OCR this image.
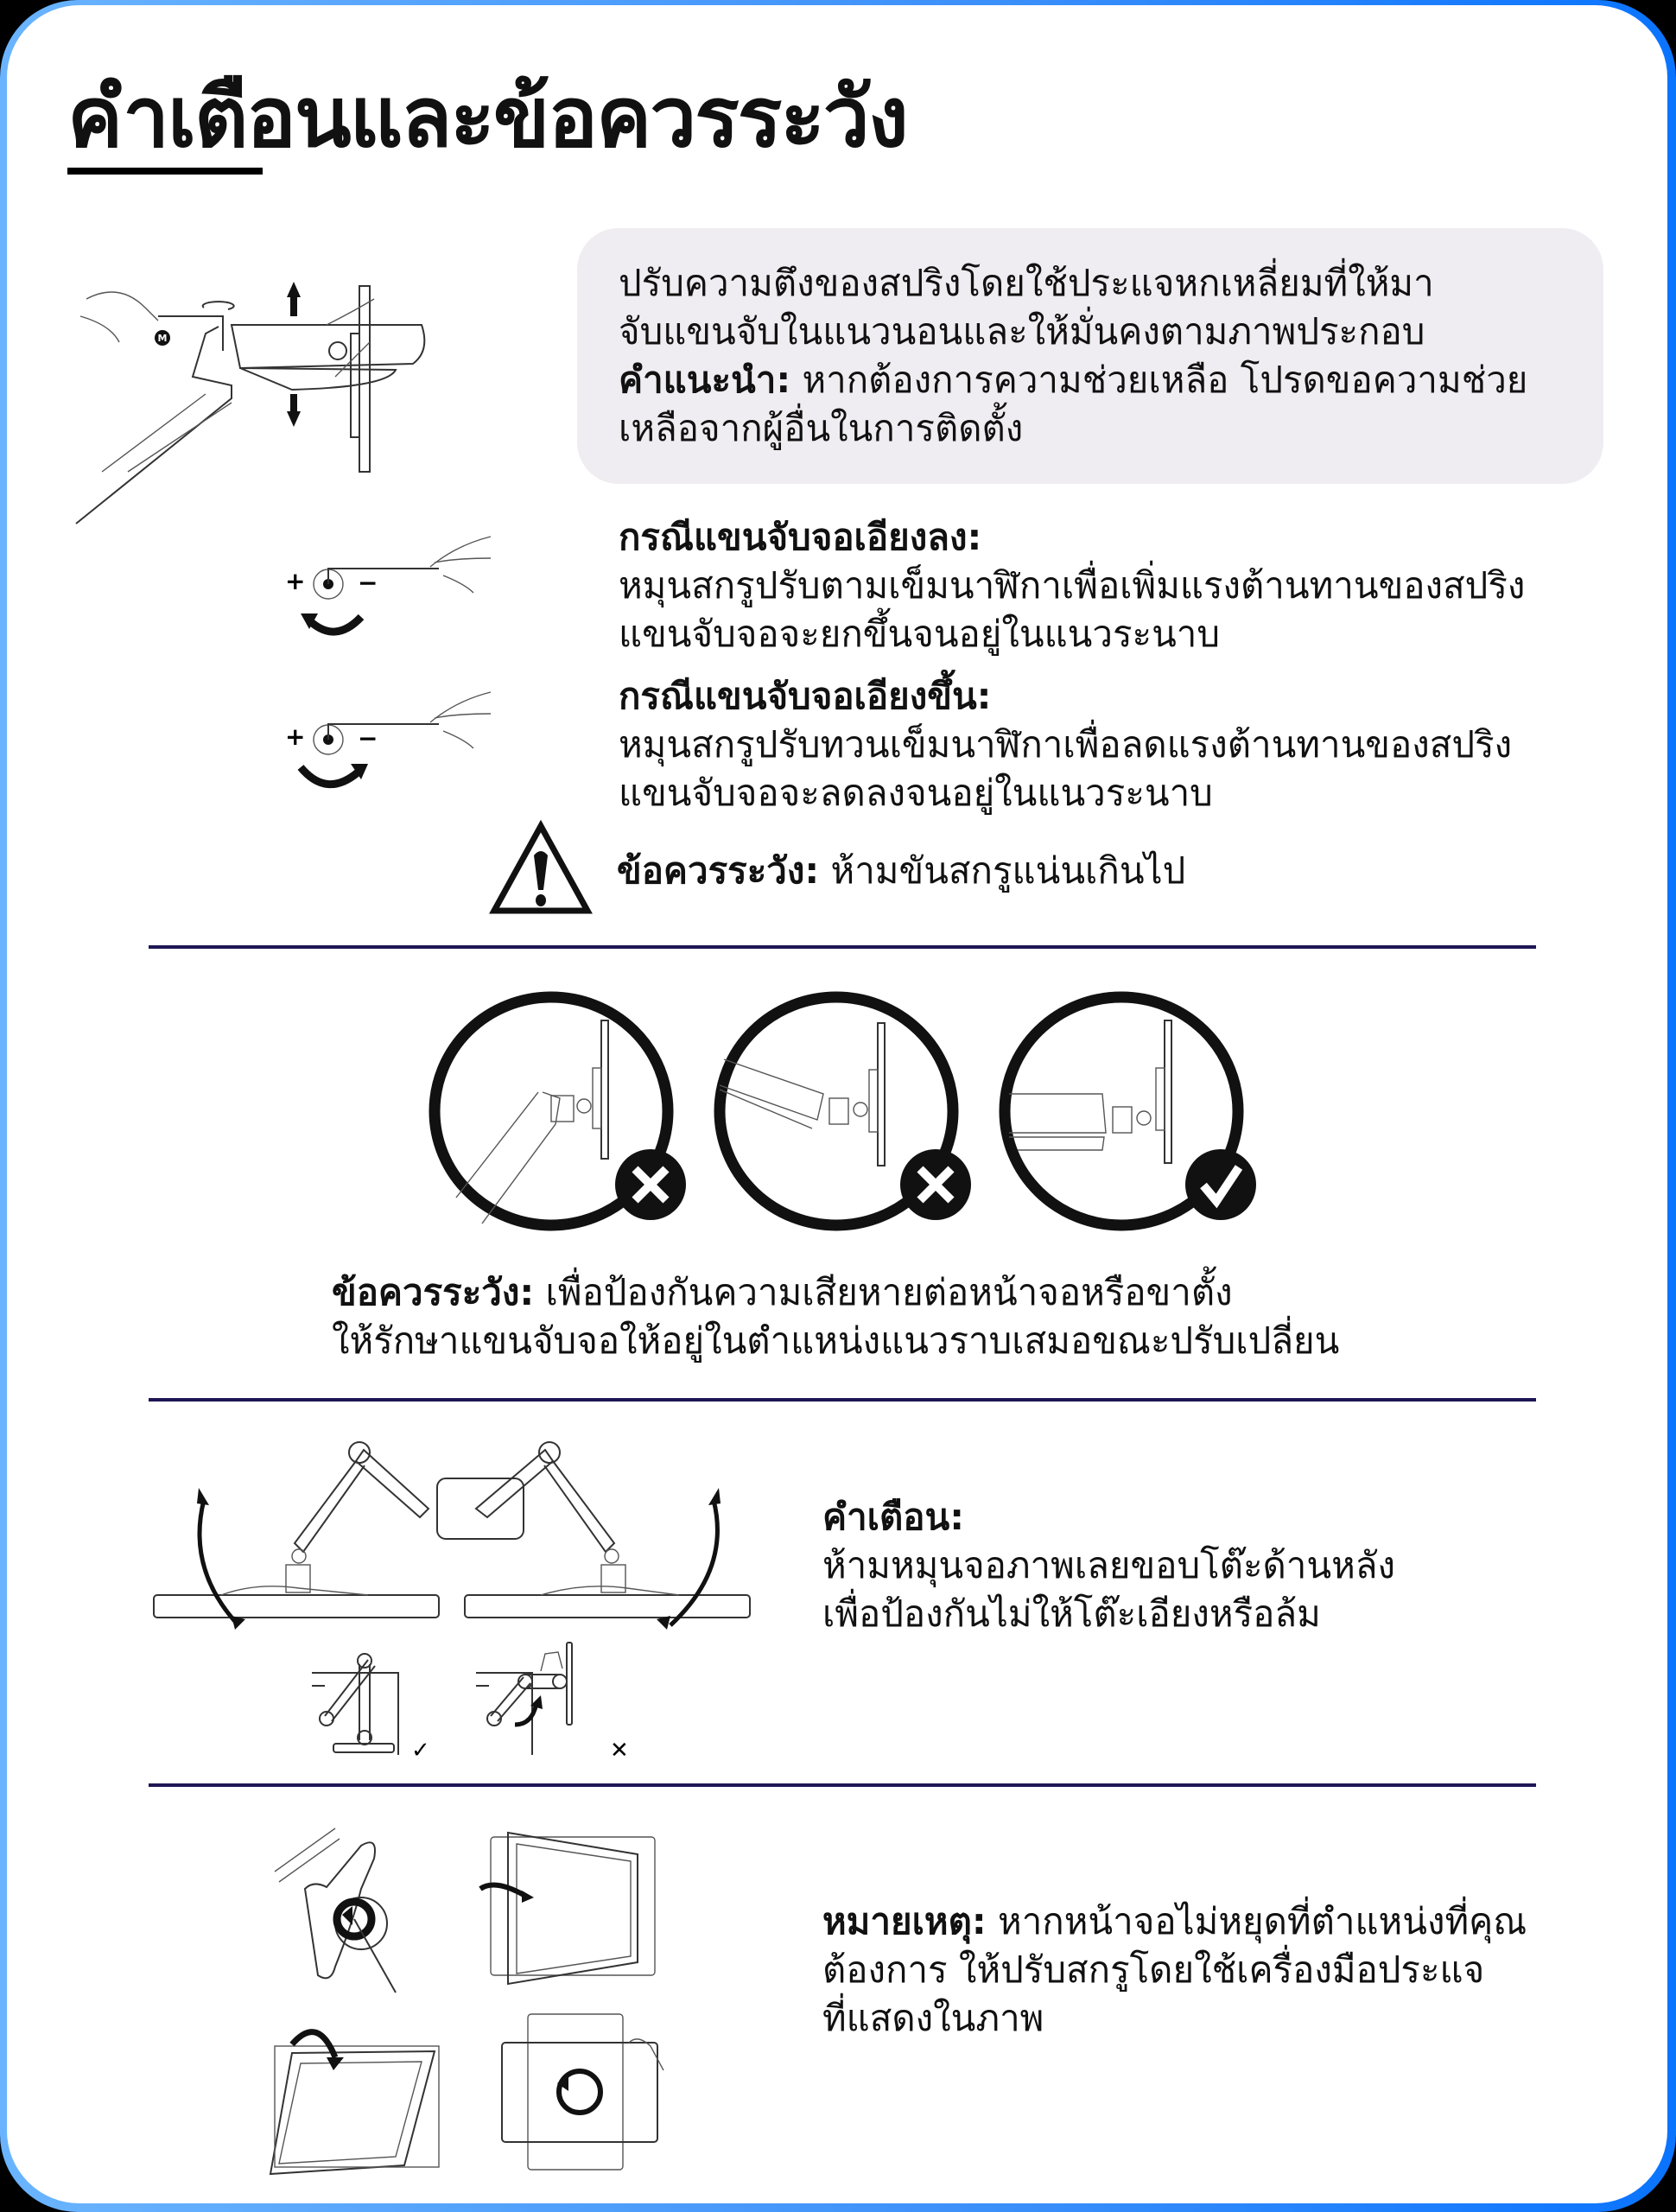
คำเตือนและข้อควรระวัง
M
ปรับความตึงของสปริงโดยใช้ประแจหกเหลี่ยมที่ให้มา
จับแขนจับในแนวนอนและให้มั่นคงตามภาพประกอบ
คำแนะนำ: หากต้องการความช่วยเหลือ โปรดขอความช่วย
เหลือจากผู้อื่นในการติดตั้ง
+ −
กรณีแขนจับจอเอียงลง:
หมุนสกรูปรับตามเข็มนาฬิกาเพื่อเพิ่มแรงต้านทานของสปริง
แขนจับจอจะยกขึ้นจนอยู่ในแนวระนาบ
+ −
กรณีแขนจับจอเอียงขึ้น:
หมุนสกรูปรับทวนเข็มนาฬิกาเพื่อลดแรงต้านทานของสปริง
แขนจับจอจะลดลงจนอยู่ในแนวระนาบ
ข้อควรระวัง: ห้ามขันสกรูแน่นเกินไป
ข้อควรระวัง: เพื่อป้องกันความเสียหายต่อหน้าจอหรือขาตั้ง
ให้รักษาแขนจับจอให้อยู่ในตำแหน่งแนวราบเสมอขณะปรับเปลี่ยน
✓	✕
คำเตือน:
ห้ามหมุนจอภาพเลยขอบโต๊ะด้านหลัง
เพื่อป้องกันไม่ให้โต๊ะเอียงหรือล้ม
หมายเหตุ: หากหน้าจอไม่หยุดที่ตำแหน่งที่คุณ
ต้องการ ให้ปรับสกรูโดยใช้เครื่องมือประแจ
ที่แสดงในภาพ
